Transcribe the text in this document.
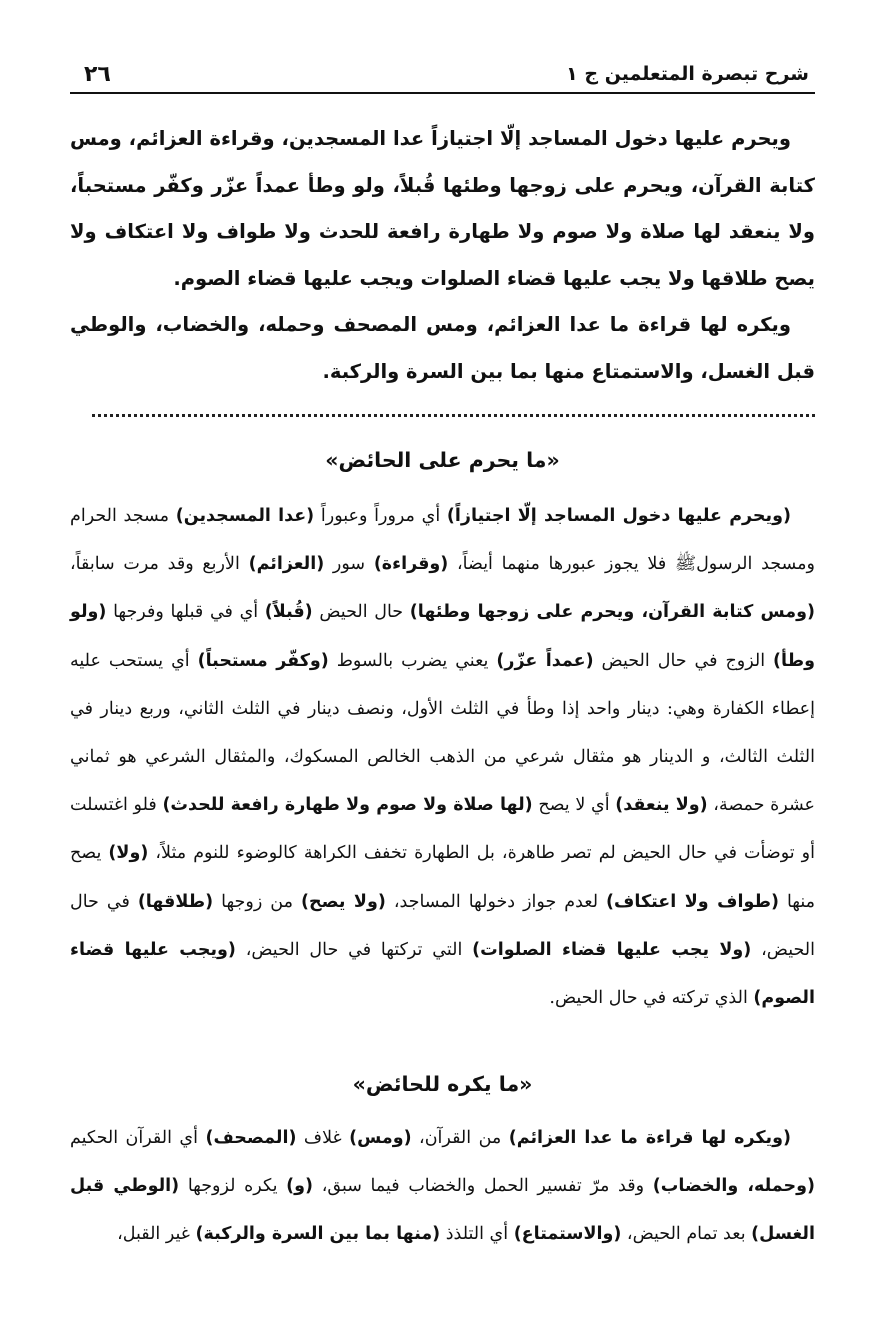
شرح تبصرة المتعلمين ج ١
٢٦

ويحرم عليها دخول المساجد إلّا اجتيازاً عدا المسجدين، وقراءة العزائم، ومس كتابة القرآن، ويحرم على زوجها وطئها قُبلاً، ولو وطأ عمداً عزّر وكفّر مستحباً، ولا ينعقد لها صلاة ولا صوم ولا طهارة رافعة للحدث ولا طواف ولا اعتكاف ولا يصح طلاقها ولا يجب عليها قضاء الصلوات ويجب عليها قضاء الصوم.

ويكره لها قراءة ما عدا العزائم، ومس المصحف وحمله، والخضاب، والوطي قبل الغسل، والاستمتاع منها بما بين السرة والركبة.

«ما يحرم على الحائض»

(ويحرم عليها دخول المساجد إلّا اجتيازاً) أي مروراً وعبوراً (عدا المسجدين) مسجد الحرام ومسجد الرسولﷺ فلا يجوز عبورها منهما أيضاً، (وقراءة) سور (العزائم) الأربع وقد مرت سابقاً، (ومس كتابة القرآن، ويحرم على زوجها وطئها) حال الحيض (قُبلاً) أي في قبلها وفرجها (ولو وطأ) الزوج في حال الحيض (عمداً عزّر) يعني يضرب بالسوط (وكفّر مستحباً) أي يستحب عليه إعطاء الكفارة وهي: دينار واحد إذا وطأ في الثلث الأول، ونصف دينار في الثلث الثاني، وربع دينار في الثلث الثالث، و الدينار هو مثقال شرعي من الذهب الخالص المسكوك، والمثقال الشرعي هو ثماني عشرة حمصة، (ولا ينعقد) أي لا يصح (لها صلاة ولا صوم ولا طهارة رافعة للحدث) فلو اغتسلت أو توضأت في حال الحيض لم تصر طاهرة، بل الطهارة تخفف الكراهة كالوضوء للنوم مثلاً، (ولا) يصح منها (طواف ولا اعتكاف) لعدم جواز دخولها المساجد، (ولا يصح) من زوجها (طلاقها) في حال الحيض، (ولا يجب عليها قضاء الصلوات) التي تركتها في حال الحيض، (ويجب عليها قضاء الصوم) الذي تركته في حال الحيض.

«ما يكره للحائض»

(ويكره لها قراءة ما عدا العزائم) من القرآن، (ومس) غلاف (المصحف) أي القرآن الحكيم (وحمله، والخضاب) وقد مرّ تفسير الحمل والخضاب فيما سبق، (و) يكره لزوجها (الوطي قبل الغسل) بعد تمام الحيض، (والاستمتاع) أي التلذذ (منها بما بين السرة والركبة) غير القبل،
